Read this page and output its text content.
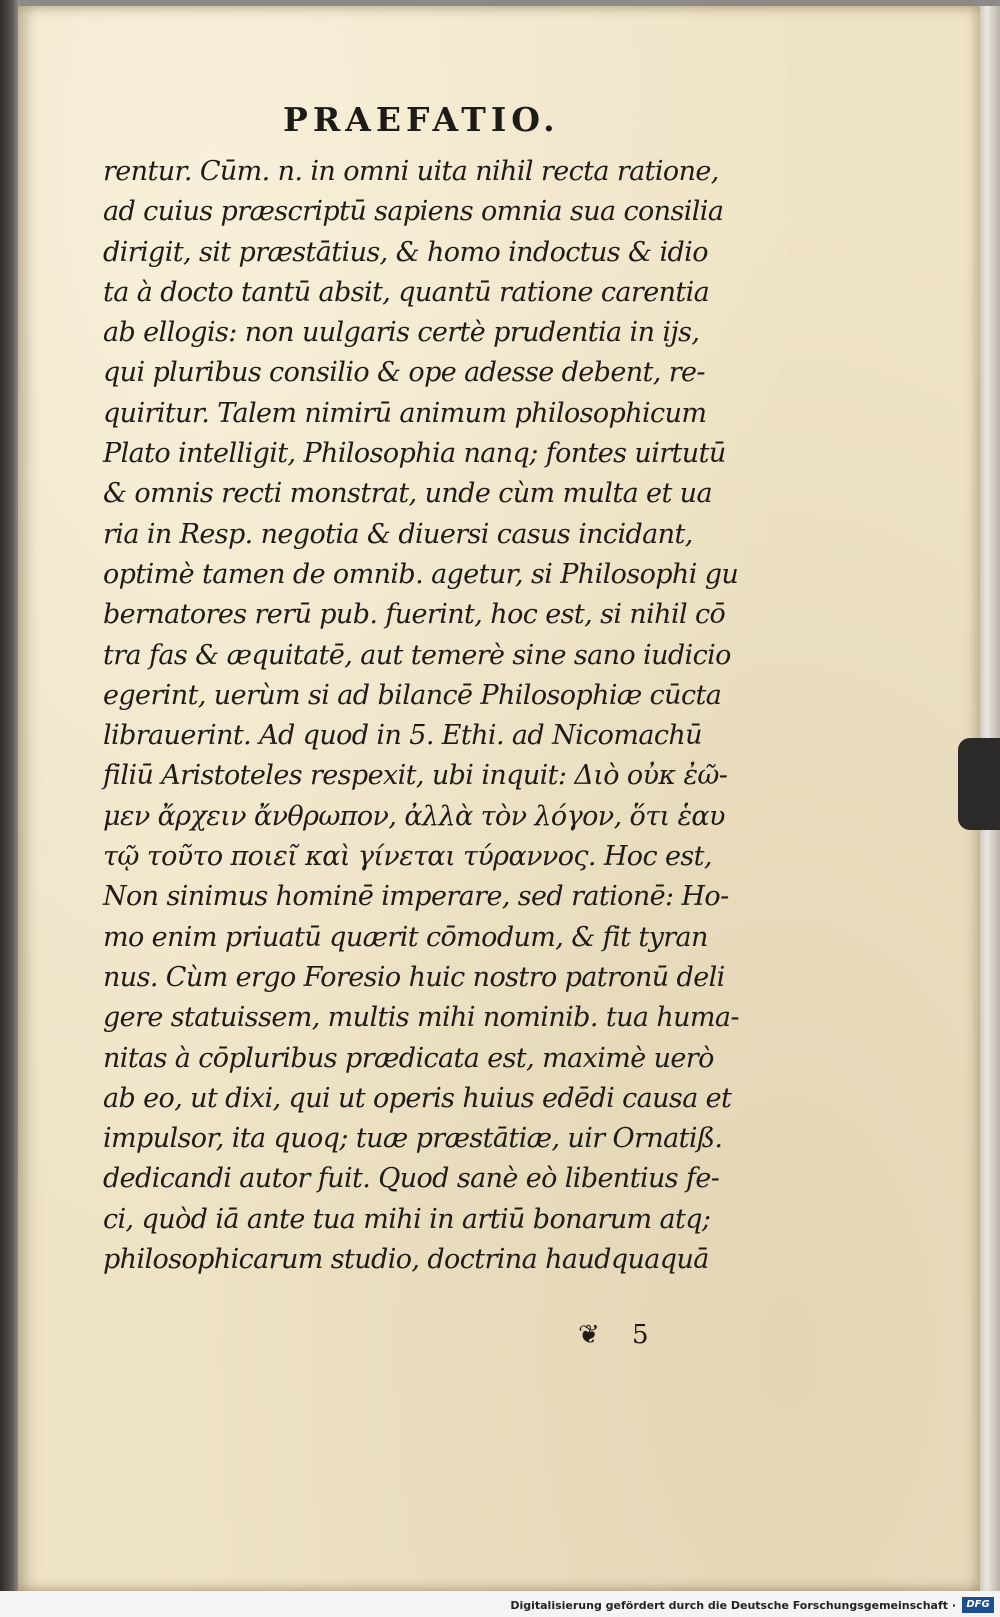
PRAEFATIO.
rentur. Cūm. n. in omni uita nihil recta ratione,
ad cuius præscriptū sapiens omnia sua consilia
dirigit, sit præstātius, & homo indoctus & idio
ta à docto tantū absit, quantū ratione carentia
ab ellogis: non uulgaris certè prudentia in ijs,
qui pluribus consilio & ope adesse debent, re-
quiritur. Talem nimirū animum philosophicum
Plato intelligit, Philosophia nanq; fontes uirtutū
& omnis recti monstrat, unde cùm multa et ua
ria in Resp. negotia & diuersi casus incidant,
optimè tamen de omnib. agetur, si Philosophi gu
bernatores rerū pub. fuerint, hoc est, si nihil cō
tra fas & æquitatē, aut temerè sine sano iudicio
egerint, uerùm si ad bilancē Philosophiæ cūcta
librauerint. Ad quod in 5. Ethi. ad Nicomachū
filiū Aristoteles respexit, ubi inquit: Διὸ οὐκ ἐῶ-
μεν ἄρχειν ἄνθρωπον, ἀλλὰ τὸν λόγον, ὅτι ἑαυ
τῷ τοῦτο ποιεῖ καὶ γίνεται τύραννος. Hoc est,
Non sinimus hominē imperare, sed rationē: Ho-
mo enim priuatū quærit cōmodum, & fit tyran
nus. Cùm ergo Foresio huic nostro patronū deli
gere statuissem, multis mihi nominib. tua huma-
nitas à cōpluribus prædicata est, maximè uerò
ab eo, ut dixi, qui ut operis huius edēdi causa et
impulsor, ita quoq; tuæ præstātiæ, uir Ornatiß.
dedicandi autor fuit. Quod sanè eò libentius fe-
ci, quòd iā ante tua mihi in artiū bonarum atq;
philosophicarum studio, doctrina haudquaquā
❦ 5
Digitalisierung gefördert durch die Deutsche Forschungsgemeinschaft ·	DFG
